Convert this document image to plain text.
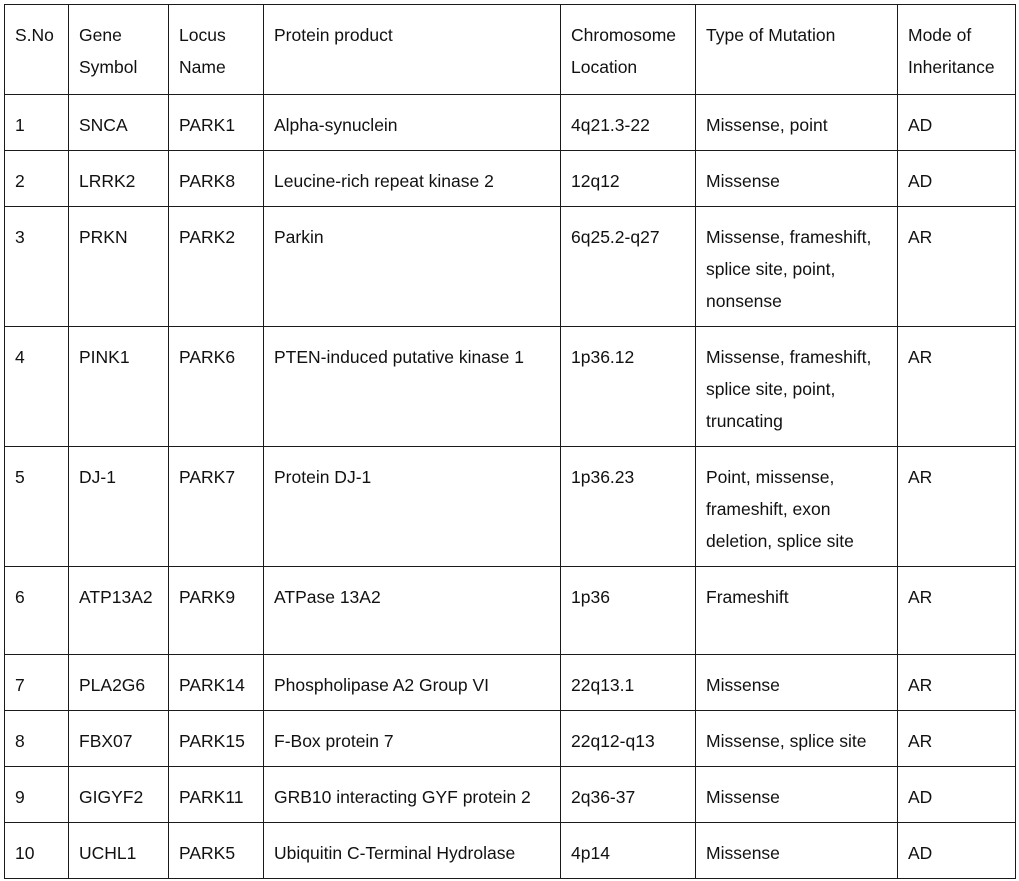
S.No	Gene Symbol	Locus Name	Protein product	Chromosome Location	Type of Mutation	Mode of Inheritance
1	SNCA	PARK1	Alpha-synuclein	4q21.3-22	Missense, point	AD
2	LRRK2	PARK8	Leucine-rich repeat kinase 2	12q12	Missense	AD
3	PRKN	PARK2	Parkin	6q25.2-q27	Missense, frameshift, splice site, point, nonsense	AR
4	PINK1	PARK6	PTEN-induced putative kinase 1	1p36.12	Missense, frameshift, splice site, point, truncating	AR
5	DJ-1	PARK7	Protein DJ-1	1p36.23	Point, missense, frameshift, exon deletion, splice site	AR
6	ATP13A2	PARK9	ATPase 13A2	1p36	Frameshift	AR
7	PLA2G6	PARK14	Phospholipase A2 Group VI	22q13.1	Missense	AR
8	FBX07	PARK15	F-Box protein 7	22q12-q13	Missense, splice site	AR
9	GIGYF2	PARK11	GRB10 interacting GYF protein 2	2q36-37	Missense	AD
10	UCHL1	PARK5	Ubiquitin C-Terminal Hydrolase	4p14	Missense	AD
